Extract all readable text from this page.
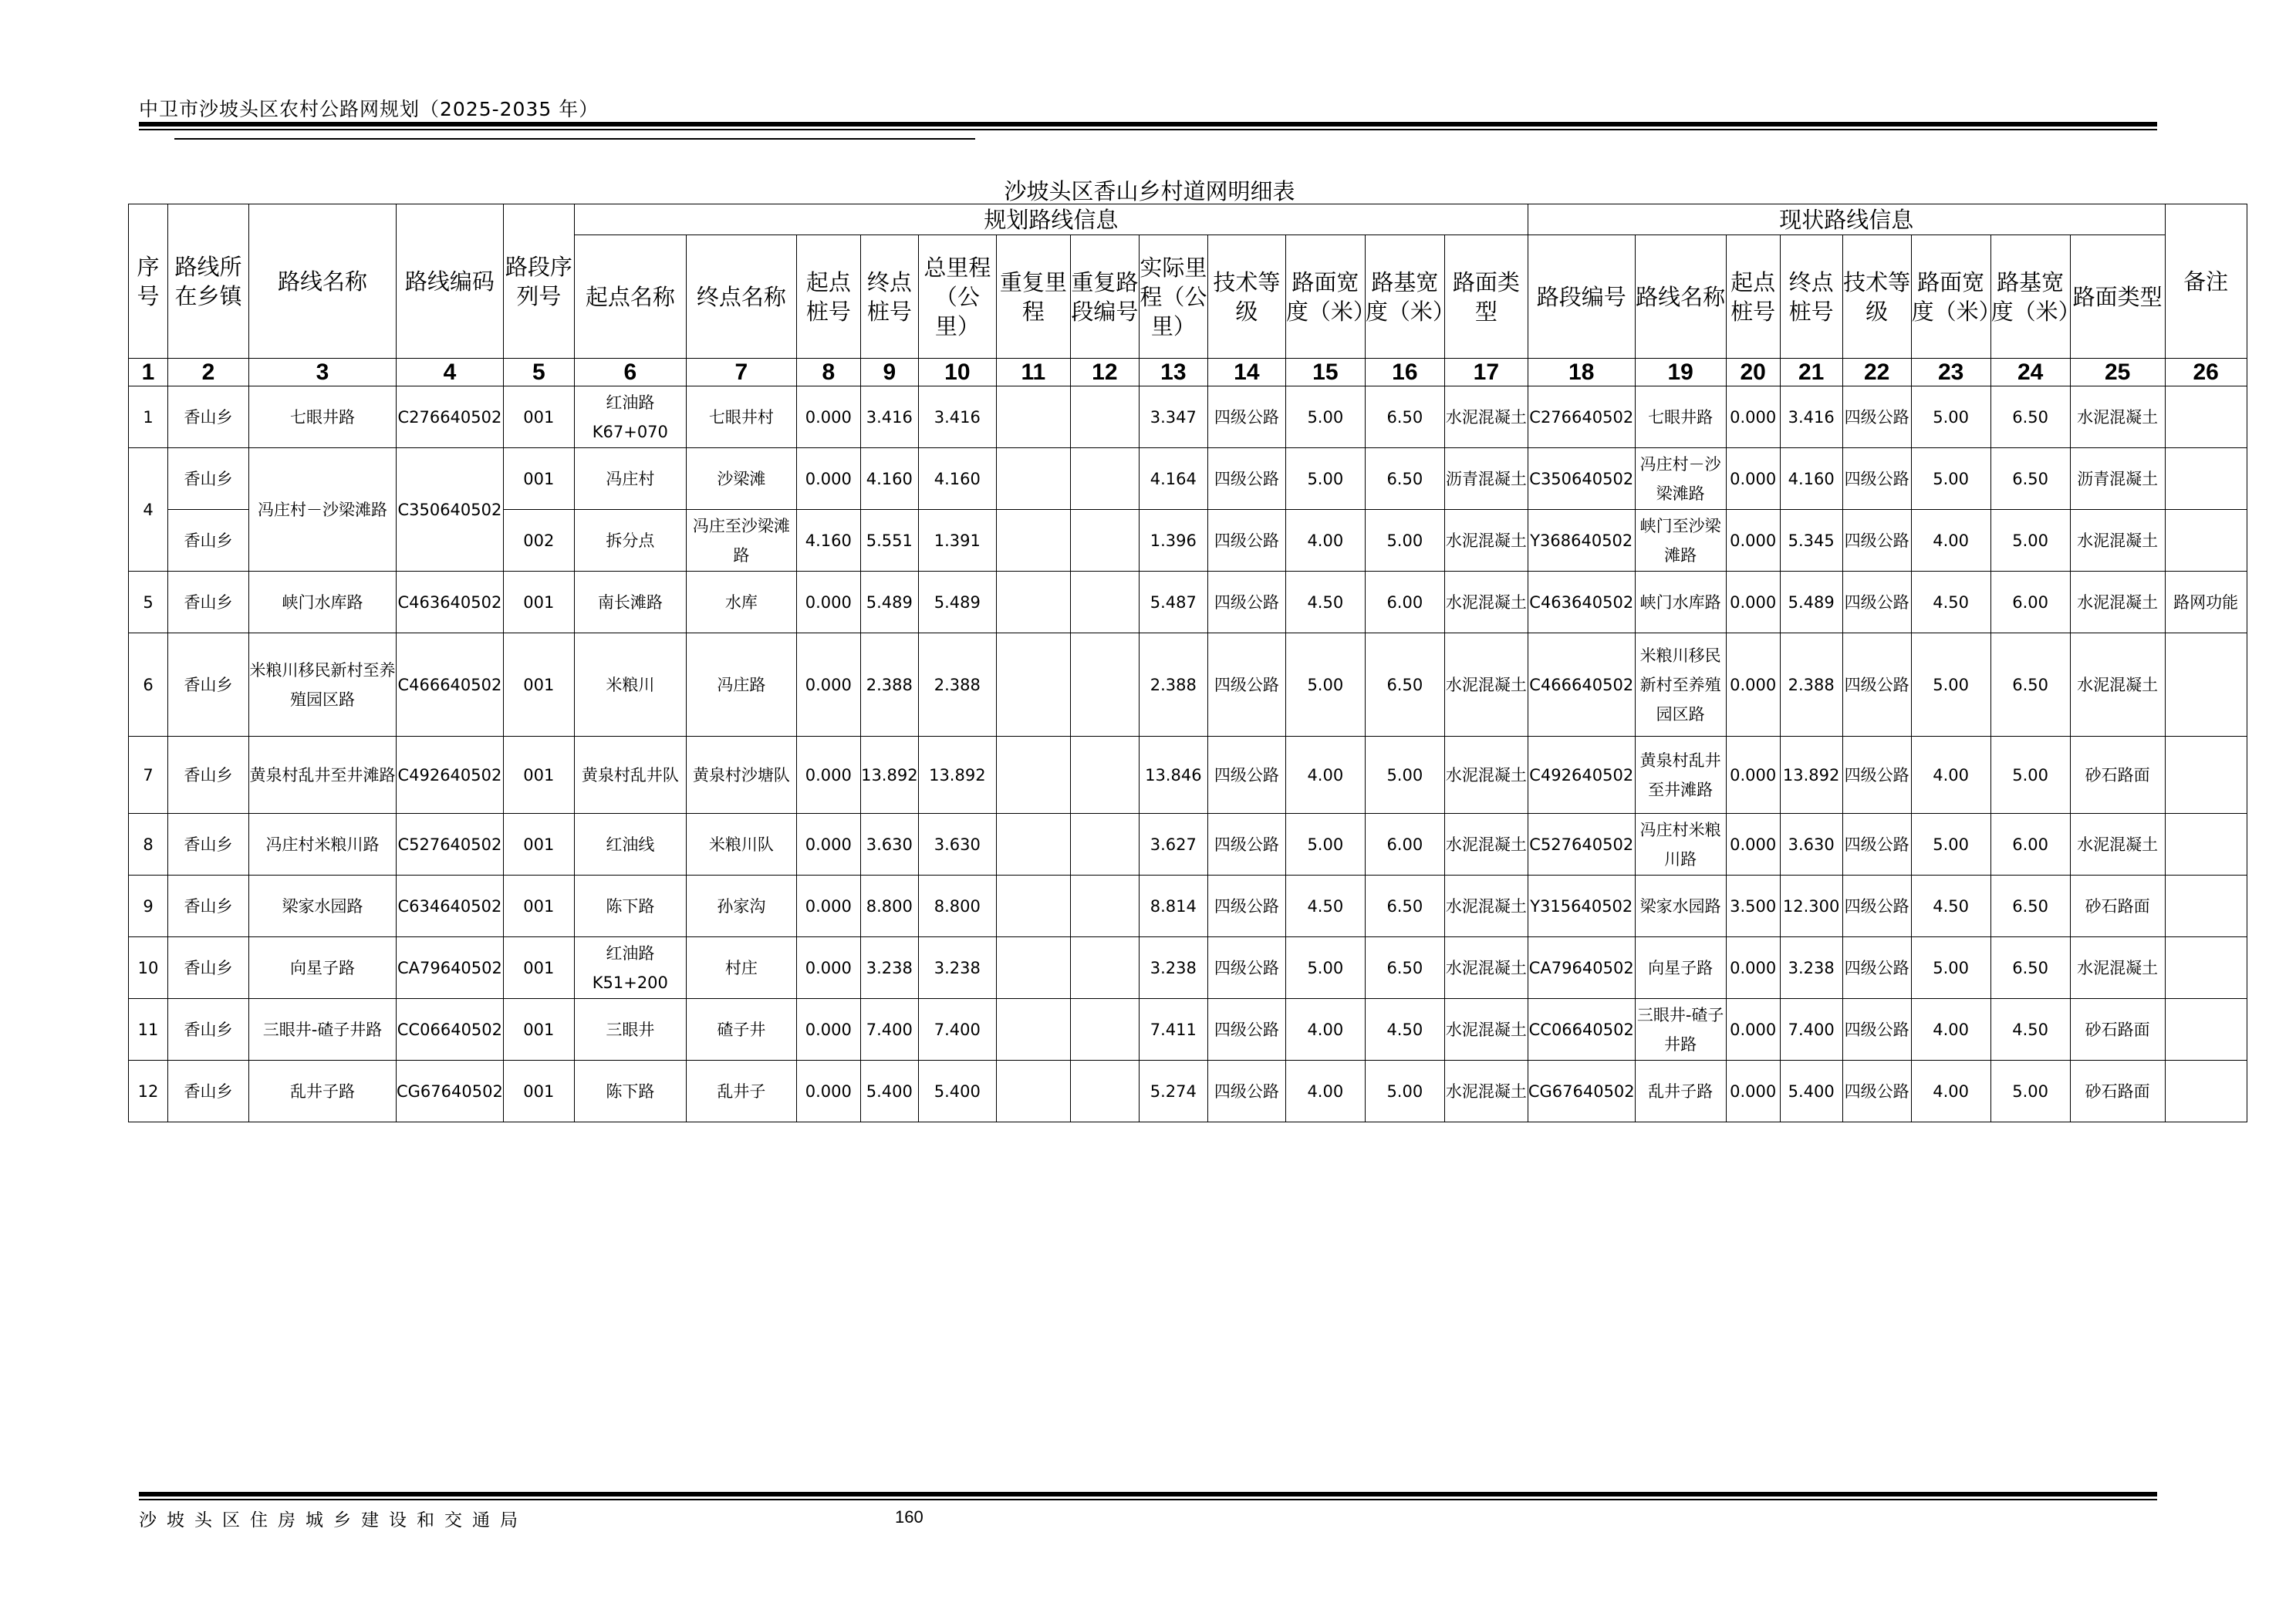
中卫市沙坡头区农村公路网规划（2025-2035 年）
沙坡头区香山乡村道网明细表
序号	路线所在乡镇	路线名称	路线编码	路段序列号	规划路线信息												现状路线信息								备注
					起点名称	终点名称	起点桩号	终点桩号	总里程（公里）	重复里程	重复路段编号	实际里程（公里）	技术等级	路面宽度（米）	路基宽度（米）	路面类型	路段编号	路线名称	起点桩号	终点桩号	技术等级	路面宽度（米）	路基宽度（米）	路面类型	
1	2	3	4	5	6	7	8	9	10	11	12	13	14	15	16	17	18	19	20	21	22	23	24	25	26
1	香山乡	七眼井路	C276640502	001	红油路K67+070	七眼井村	0.000	3.416	3.416			3.347	四级公路	5.00	6.50	水泥混凝土	C276640502	七眼井路	0.000	3.416	四级公路	5.00	6.50	水泥混凝土	
4	香山乡	冯庄村－沙梁滩路	C350640502	001	冯庄村	沙梁滩	0.000	4.160	4.160			4.164	四级公路	5.00	6.50	沥青混凝土	C350640502	冯庄村－沙梁滩路	0.000	4.160	四级公路	5.00	6.50	沥青混凝土	
	香山乡			002	拆分点	冯庄至沙梁滩路	4.160	5.551	1.391			1.396	四级公路	4.00	5.00	水泥混凝土	Y368640502	峡门至沙梁滩路	0.000	5.345	四级公路	4.00	5.00	水泥混凝土	
5	香山乡	峡门水库路	C463640502	001	南长滩路	水库	0.000	5.489	5.489			5.487	四级公路	4.50	6.00	水泥混凝土	C463640502	峡门水库路	0.000	5.489	四级公路	4.50	6.00	水泥混凝土	路网功能
6	香山乡	米粮川移民新村至养殖园区路	C466640502	001	米粮川	冯庄路	0.000	2.388	2.388			2.388	四级公路	5.00	6.50	水泥混凝土	C466640502	米粮川移民新村至养殖园区路	0.000	2.388	四级公路	5.00	6.50	水泥混凝土	
7	香山乡	黄泉村乱井至井滩路	C492640502	001	黄泉村乱井队	黄泉村沙塘队	0.000	13.892	13.892			13.846	四级公路	4.00	5.00	水泥混凝土	C492640502	黄泉村乱井至井滩路	0.000	13.892	四级公路	4.00	5.00	砂石路面	
8	香山乡	冯庄村米粮川路	C527640502	001	红油线	米粮川队	0.000	3.630	3.630			3.627	四级公路	5.00	6.00	水泥混凝土	C527640502	冯庄村米粮川路	0.000	3.630	四级公路	5.00	6.00	水泥混凝土	
9	香山乡	梁家水园路	C634640502	001	陈下路	孙家沟	0.000	8.800	8.800			8.814	四级公路	4.50	6.50	水泥混凝土	Y315640502	梁家水园路	3.500	12.300	四级公路	4.50	6.50	砂石路面	
10	香山乡	向星子路	CA79640502	001	红油路K51+200	村庄	0.000	3.238	3.238			3.238	四级公路	5.00	6.50	水泥混凝土	CA79640502	向星子路	0.000	3.238	四级公路	5.00	6.50	水泥混凝土	
11	香山乡	三眼井-碴子井路	CC06640502	001	三眼井	碴子井	0.000	7.400	7.400			7.411	四级公路	4.00	4.50	水泥混凝土	CC06640502	三眼井-碴子井路	0.000	7.400	四级公路	4.00	4.50	砂石路面	
12	香山乡	乱井子路	CG67640502	001	陈下路	乱井子	0.000	5.400	5.400			5.274	四级公路	4.00	5.00	水泥混凝土	CG67640502	乱井子路	0.000	5.400	四级公路	4.00	5.00	砂石路面	
沙坡头区住房城乡建设和交通局	160
